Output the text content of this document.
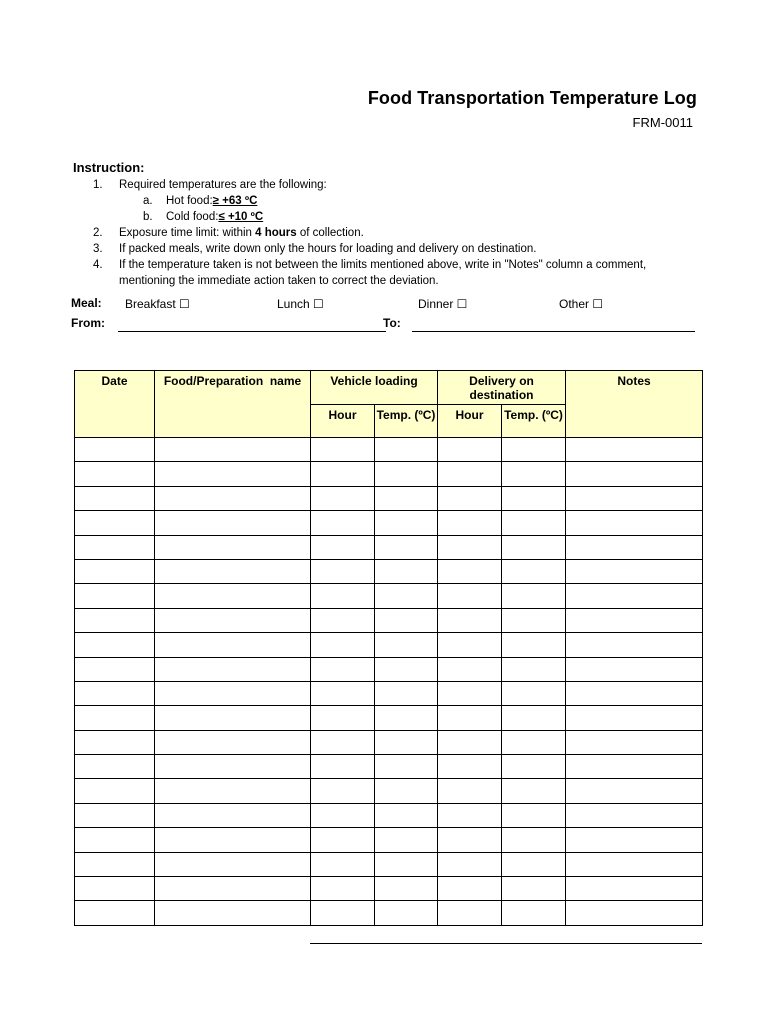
Food Transportation Temperature Log
FRM-0011
Instruction:
1.	Required temperatures are the following:
a.	Hot food: ≥ +63 ºC
b.	Cold food: ≤ +10 ºC
2.	Exposure time limit: within 4 hours of collection.
3.	If packed meals, write down only the hours for loading and delivery on destination.
4.	If the temperature taken is not between the limits mentioned above, write in "Notes" column a comment,
mentioning the immediate action taken to correct the deviation.
Meal: Breakfast ☐	Lunch ☐	Dinner ☐	Other ☐
From:	To:
Date	Food/Preparation  name	Vehicle loading		Delivery on destination		Notes
		Hour	Temp. (ºC)	Hour	Temp. (ºC)	
